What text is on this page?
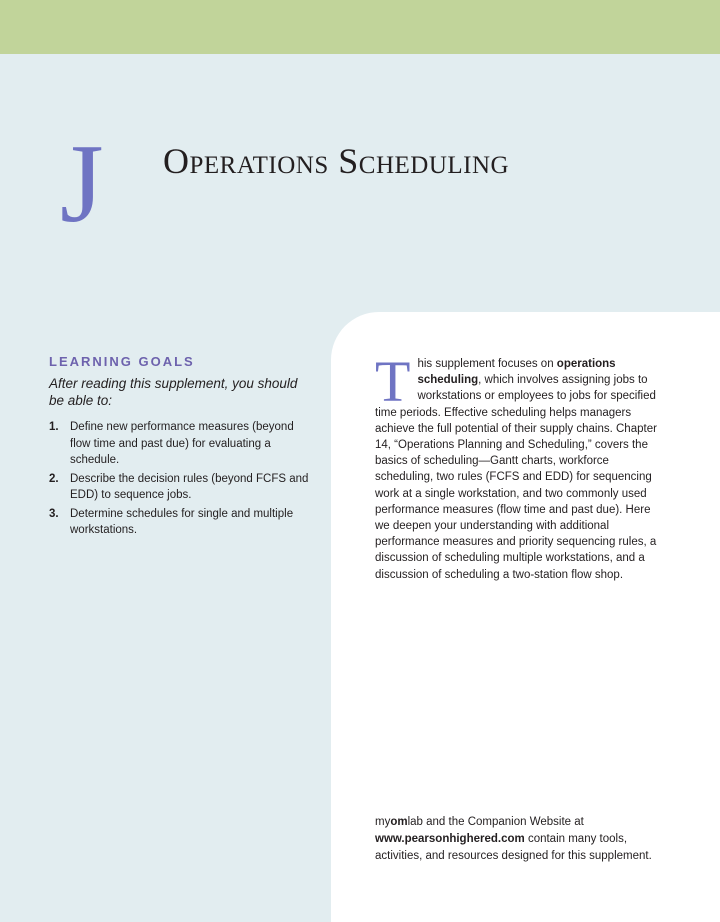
J Operations Scheduling
LEARNING GOALS
After reading this supplement, you should be able to:
1. Define new performance measures (beyond flow time and past due) for evaluating a schedule.
2. Describe the decision rules (beyond FCFS and EDD) to sequence jobs.
3. Determine schedules for single and multiple workstations.
This supplement focuses on operations scheduling, which involves assigning jobs to workstations or employees to jobs for specified time periods. Effective scheduling helps managers achieve the full potential of their supply chains. Chapter 14, “Operations Planning and Scheduling,” covers the basics of scheduling—Gantt charts, workforce scheduling, two rules (FCFS and EDD) for sequencing work at a single workstation, and two commonly used performance measures (flow time and past due). Here we deepen your understanding with additional performance measures and priority sequencing rules, a discussion of scheduling multiple workstations, and a discussion of scheduling a two-station flow shop.
myomlab and the Companion Website at
www.pearsonhighered.com contain many tools, activities, and resources designed for this supplement.
